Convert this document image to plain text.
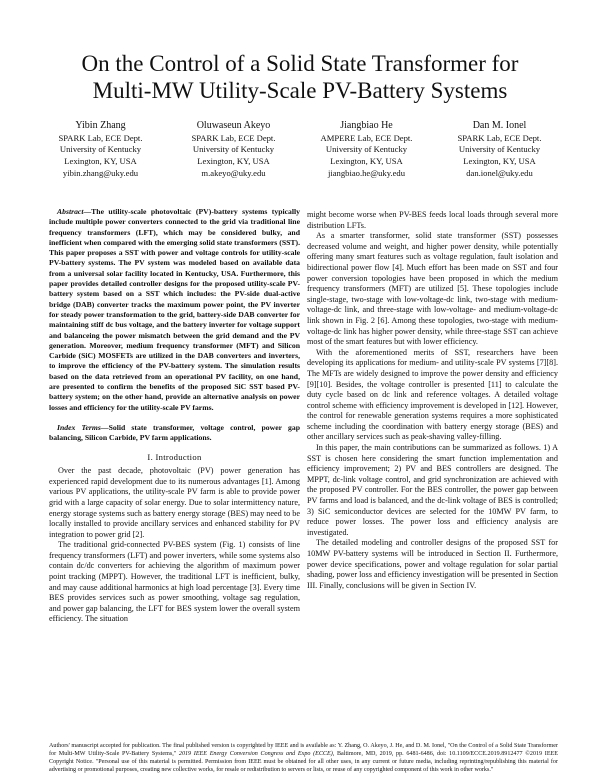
On the Control of a Solid State Transformer for
Multi-MW Utility-Scale PV-Battery Systems
Yibin Zhang
SPARK Lab, ECE Dept.
University of Kentucky
Lexington, KY, USA
yibin.zhang@uky.edu
Oluwaseun Akeyo
SPARK Lab, ECE Dept.
University of Kentucky
Lexington, KY, USA
m.akeyo@uky.edu
Jiangbiao He
AMPERE Lab, ECE Dept.
University of Kentucky
Lexington, KY, USA
jiangbiao.he@uky.edu
Dan M. Ionel
SPARK Lab, ECE Dept.
University of Kentucky
Lexington, KY, USA
dan.ionel@uky.edu

Abstract—The utility-scale photovoltaic (PV)-battery systems typically include multiple power converters connected to the grid via traditional line frequency transformers (LFT), which may be considered bulky, and inefficient when compared with the emerging solid state transformers (SST). This paper proposes a SST with power and voltage controls for utility-scale PV-battery systems. The PV system was modeled based on available data from a universal solar facility located in Kentucky, USA. Furthermore, this paper provides detailed controller designs for the proposed utility-scale PV-battery system based on a SST which includes: the PV-side dual-active bridge (DAB) converter tracks the maximum power point, the PV inverter for steady power transformation to the grid, battery-side DAB converter for maintaining stiff dc bus voltage, and the battery inverter for voltage support and balanceing the power mismatch between the grid demand and the PV generation. Moreover, medium frequency transformer (MFT) and Silicon Carbide (SiC) MOSFETs are utilized in the DAB converters and inverters, to improve the efficiency of the PV-battery system. The simulation results based on the data retrieved from an operational PV facility, on one hand, are presented to confirm the benefits of the proposed SiC SST based PV-battery system; on the other hand, provide an alternative analysis on power losses and efficiency for the utility-scale PV farms.

Index Terms—Solid state transformer, voltage control, power gap balancing, Silicon Carbide, PV farm applications.

I. Introduction

Over the past decade, photovoltaic (PV) power generation has experienced rapid development due to its numerous advantages [1]. Among various PV applications, the utility-scale PV farm is able to provide power grid with a large capacity of solar energy. Due to solar intermittency nature, energy storage systems such as battery energy storage (BES) may need to be locally installed to provide ancillary services and enhanced stability for PV integration to power grid [2].

The traditional grid-connected PV-BES system (Fig. 1) consists of line frequency transformers (LFT) and power inverters, while some systems also contain dc/dc converters for achieving the algorithm of maximum power point tracking (MPPT). However, the traditional LFT is inefficient, bulky, and may cause additional harmonics at high load percentage [3]. Every time BES provides services such as power smoothing, voltage sag regulation, and power gap balancing, the LFT for BES system lower the overall system efficiency. The situation

might become worse when PV-BES feeds local loads through several more distribution LFTs.

As a smarter transformer, solid state transformer (SST) possesses decreased volume and weight, and higher power density, while potentially offering many smart features such as voltage regulation, fault isolation and bidirectional power flow [4]. Much effort has been made on SST and four power conversion topologies have been proposed in which the medium frequency transformers (MFT) are utilized [5]. These topologies include single-stage, two-stage with low-voltage-dc link, two-stage with medium-voltage-dc link, and three-stage with low-voltage- and medium-voltage-dc link shown in Fig. 2 [6]. Among these topologies, two-stage with medium-voltage-dc link has higher power density, while three-stage SST can achieve most of the smart features but with lower efficiency.

With the aforementioned merits of SST, researchers have been developing its applications for medium- and utility-scale PV systems [7][8]. The MFTs are widely designed to improve the power density and efficiency [9][10]. Besides, the voltage controller is presented [11] to calculate the duty cycle based on dc link and reference voltages. A detailed voltage control scheme with efficiency improvement is developed in [12]. However, the control for renewable generation systems requires a more sophisticated scheme including the coordination with battery energy storage (BES) and other ancillary services such as peak-shaving valley-filling.

In this paper, the main contributions can be summarized as follows. 1) A SST is chosen here considering the smart function implementation and efficiency improvement; 2) PV and BES controllers are designed. The MPPT, dc-link voltage control, and grid synchronization are achieved with the proposed PV controller. For the BES controller, the power gap between PV farms and load is balanced, and the dc-link voltage of BES is controlled; 3) SiC semiconductor devices are selected for the 10MW PV farm, to reduce power losses. The power loss and efficiency analysis are investigated.

The detailed modeling and controller designs of the proposed SST for 10MW PV-battery systems will be introduced in Section II. Furthermore, power device specifications, power and voltage regulation for solar partial shading, power loss and efficiency investigation will be presented in Section III. Finally, conclusions will be given in Section IV.

Authors' manuscript accepted for publication. The final published version is copyrighted by IEEE and is available as: Y. Zhang, O. Akeyo, J. He, and D. M. Ionel, "On the Control of a Solid State Transformer for Multi-MW Utility-Scale PV-Battery Systems," 2019 IEEE Energy Conversion Congress and Expo (ECCE), Baltimore, MD, 2019, pp. 6481-6486, doi: 10.1109/ECCE.2019.8912477 ©2019 IEEE Copyright Notice. "Personal use of this material is permitted. Permission from IEEE must be obtained for all other uses, in any current or future media, including reprinting/republishing this material for advertising or promotional purposes, creating new collective works, for resale or redistribution to servers or lists, or reuse of any copyrighted component of this work in other works."
